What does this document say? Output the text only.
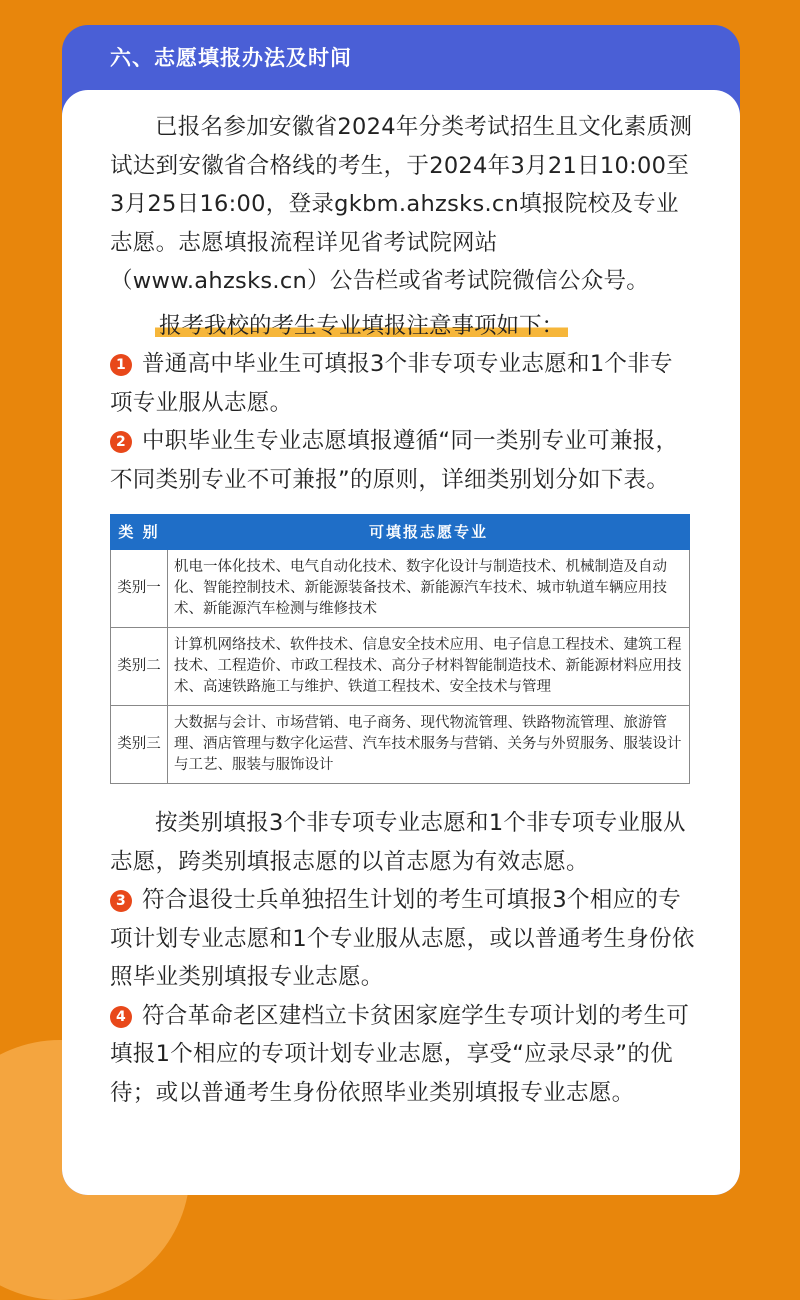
六、志愿填报办法及时间

已报名参加安徽省2024年分类考试招生且文化素质测试达到安徽省合格线的考生，于2024年3月21日10:00至3月25日16:00，登录gkbm.ahzsks.cn填报院校及专业志愿。志愿填报流程详见省考试院网站（www.ahzsks.cn）公告栏或省考试院微信公众号。

报考我校的考生专业填报注意事项如下：

1 普通高中毕业生可填报3个非专项专业志愿和1个非专项专业服从志愿。

2 中职毕业生专业志愿填报遵循“同一类别专业可兼报，不同类别专业不可兼报”的原则，详细类别划分如下表。

类 别	可填报志愿专业
类别一	机电一体化技术、电气自动化技术、数字化设计与制造技术、机械制造及自动化、智能控制技术、新能源装备技术、新能源汽车技术、城市轨道车辆应用技术、新能源汽车检测与维修技术
类别二	计算机网络技术、软件技术、信息安全技术应用、电子信息工程技术、建筑工程技术、工程造价、市政工程技术、高分子材料智能制造技术、新能源材料应用技术、高速铁路施工与维护、铁道工程技术、安全技术与管理
类别三	大数据与会计、市场营销、电子商务、现代物流管理、铁路物流管理、旅游管理、酒店管理与数字化运营、汽车技术服务与营销、关务与外贸服务、服装设计与工艺、服装与服饰设计

按类别填报3个非专项专业志愿和1个非专项专业服从志愿，跨类别填报志愿的以首志愿为有效志愿。

3 符合退役士兵单独招生计划的考生可填报3个相应的专项计划专业志愿和1个专业服从志愿，或以普通考生身份依照毕业类别填报专业志愿。

4 符合革命老区建档立卡贫困家庭学生专项计划的考生可填报1个相应的专项计划专业志愿，享受“应录尽录”的优待；或以普通考生身份依照毕业类别填报专业志愿。
